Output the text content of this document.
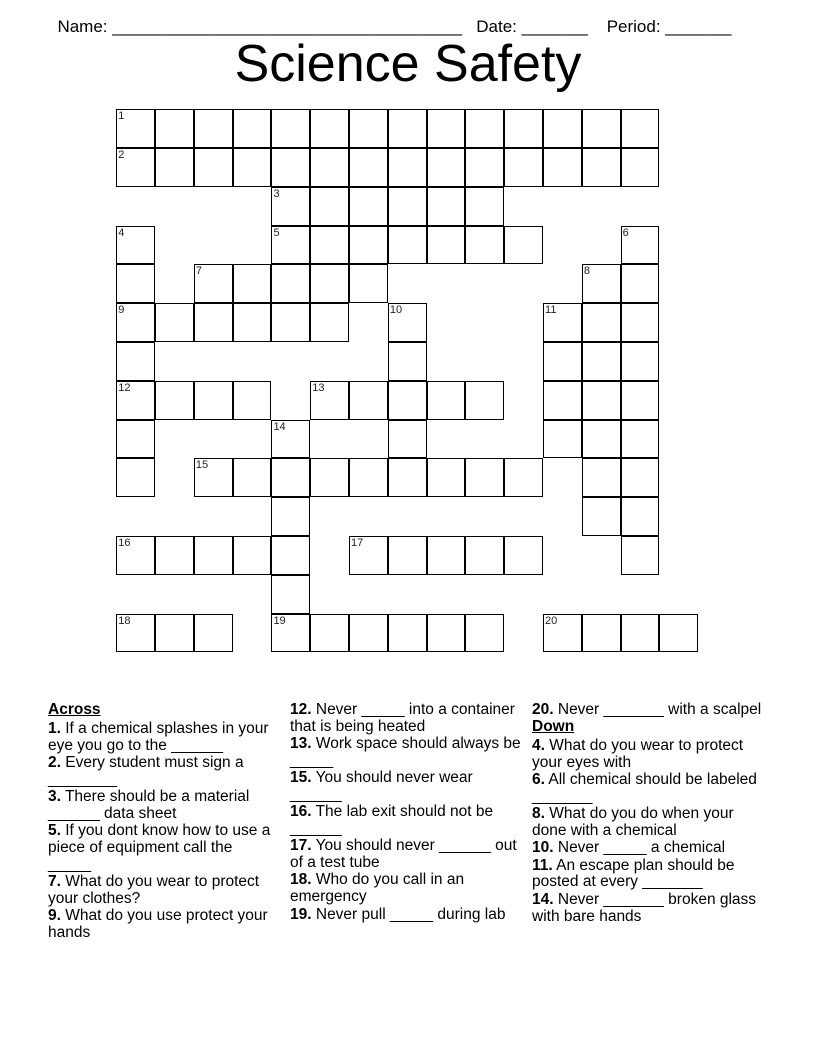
Name: _____________________________________ Date: _______ Period: _______

Science Safety
1
2
3
4	5	6
7	8
9	10	11
12	13
14
15
16	17
18	19	20
Across
1. If a chemical splashes in your eye you go to the ______
2. Every student must sign a ________
3. There should be a material ______ data sheet
5. If you dont know how to use a piece of equipment call the _____
7. What do you wear to protect your clothes?
9. What do you use protect your hands
12. Never _____ into a container that is being heated
13. Work space should always be _____
15. You should never wear ______
16. The lab exit should not be ______
17. You should never ______ out of a test tube
18. Who do you call in an emergency
19. Never pull _____ during lab
20. Never _______ with a scalpel
Down
4. What do you wear to protect your eyes with
6. All chemical should be labeled _______
8. What do you do when your done with a chemical
10. Never _____ a chemical
11. An escape plan should be posted at every _______
14. Never _______ broken glass with bare hands
